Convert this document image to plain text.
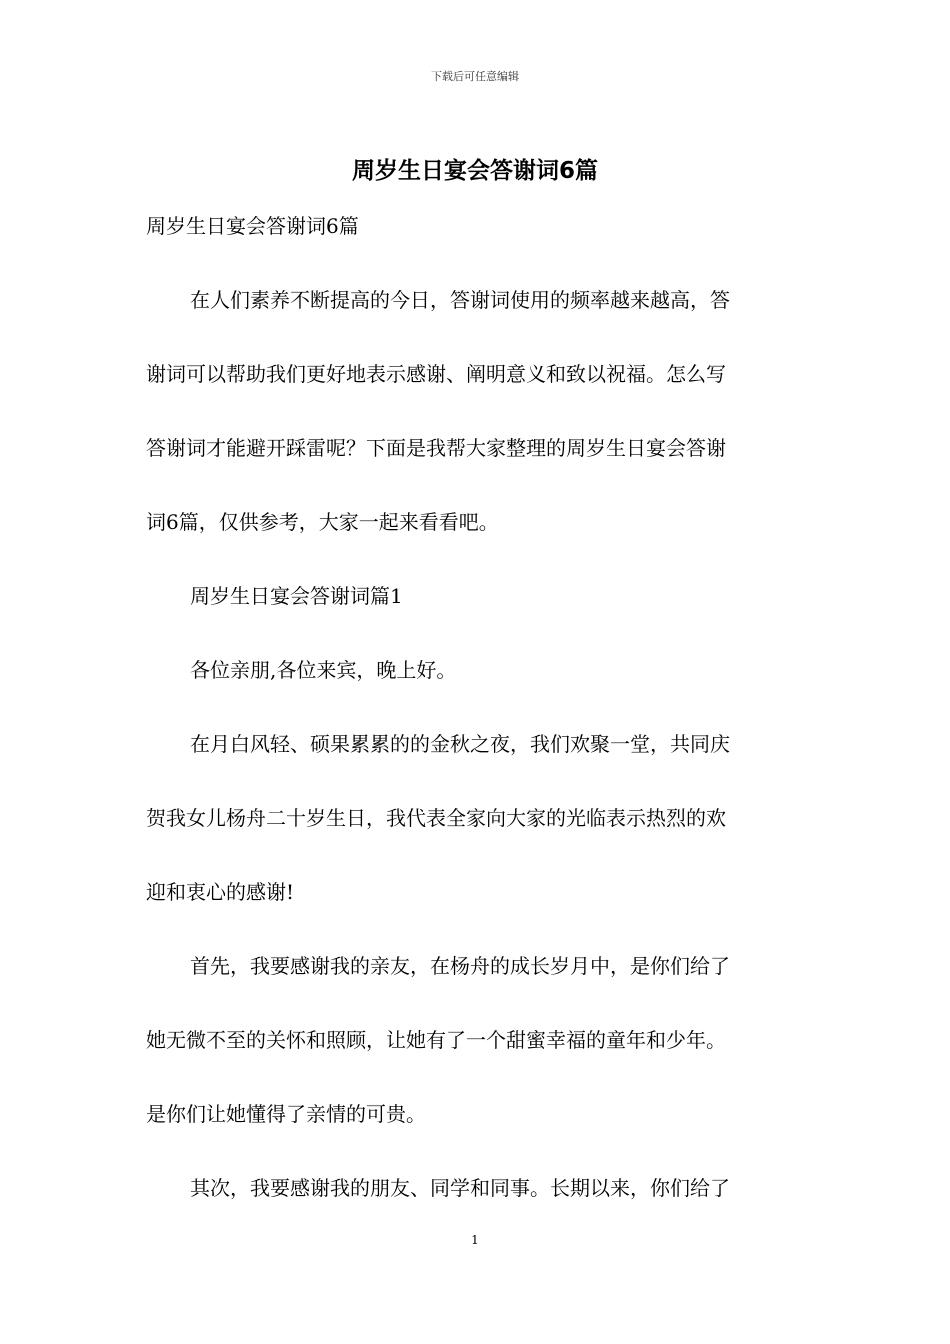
下载后可任意编辑
周岁生日宴会答谢词6篇
周岁生日宴会答谢词6篇
在人们素养不断提高的今日，答谢词使用的频率越来越高，答
谢词可以帮助我们更好地表示感谢、阐明意义和致以祝福。怎么写
答谢词才能避开踩雷呢？下面是我帮大家整理的周岁生日宴会答谢
词6篇，仅供参考，大家一起来看看吧。
周岁生日宴会答谢词篇1
各位亲朋,各位来宾，晚上好。
在月白风轻、硕果累累的的金秋之夜，我们欢聚一堂，共同庆
贺我女儿杨舟二十岁生日，我代表全家向大家的光临表示热烈的欢
迎和衷心的感谢!
首先，我要感谢我的亲友，在杨舟的成长岁月中，是你们给了
她无微不至的关怀和照顾，让她有了一个甜蜜幸福的童年和少年。
是你们让她懂得了亲情的可贵。
其次，我要感谢我的朋友、同学和同事。长期以来，你们给了
1
